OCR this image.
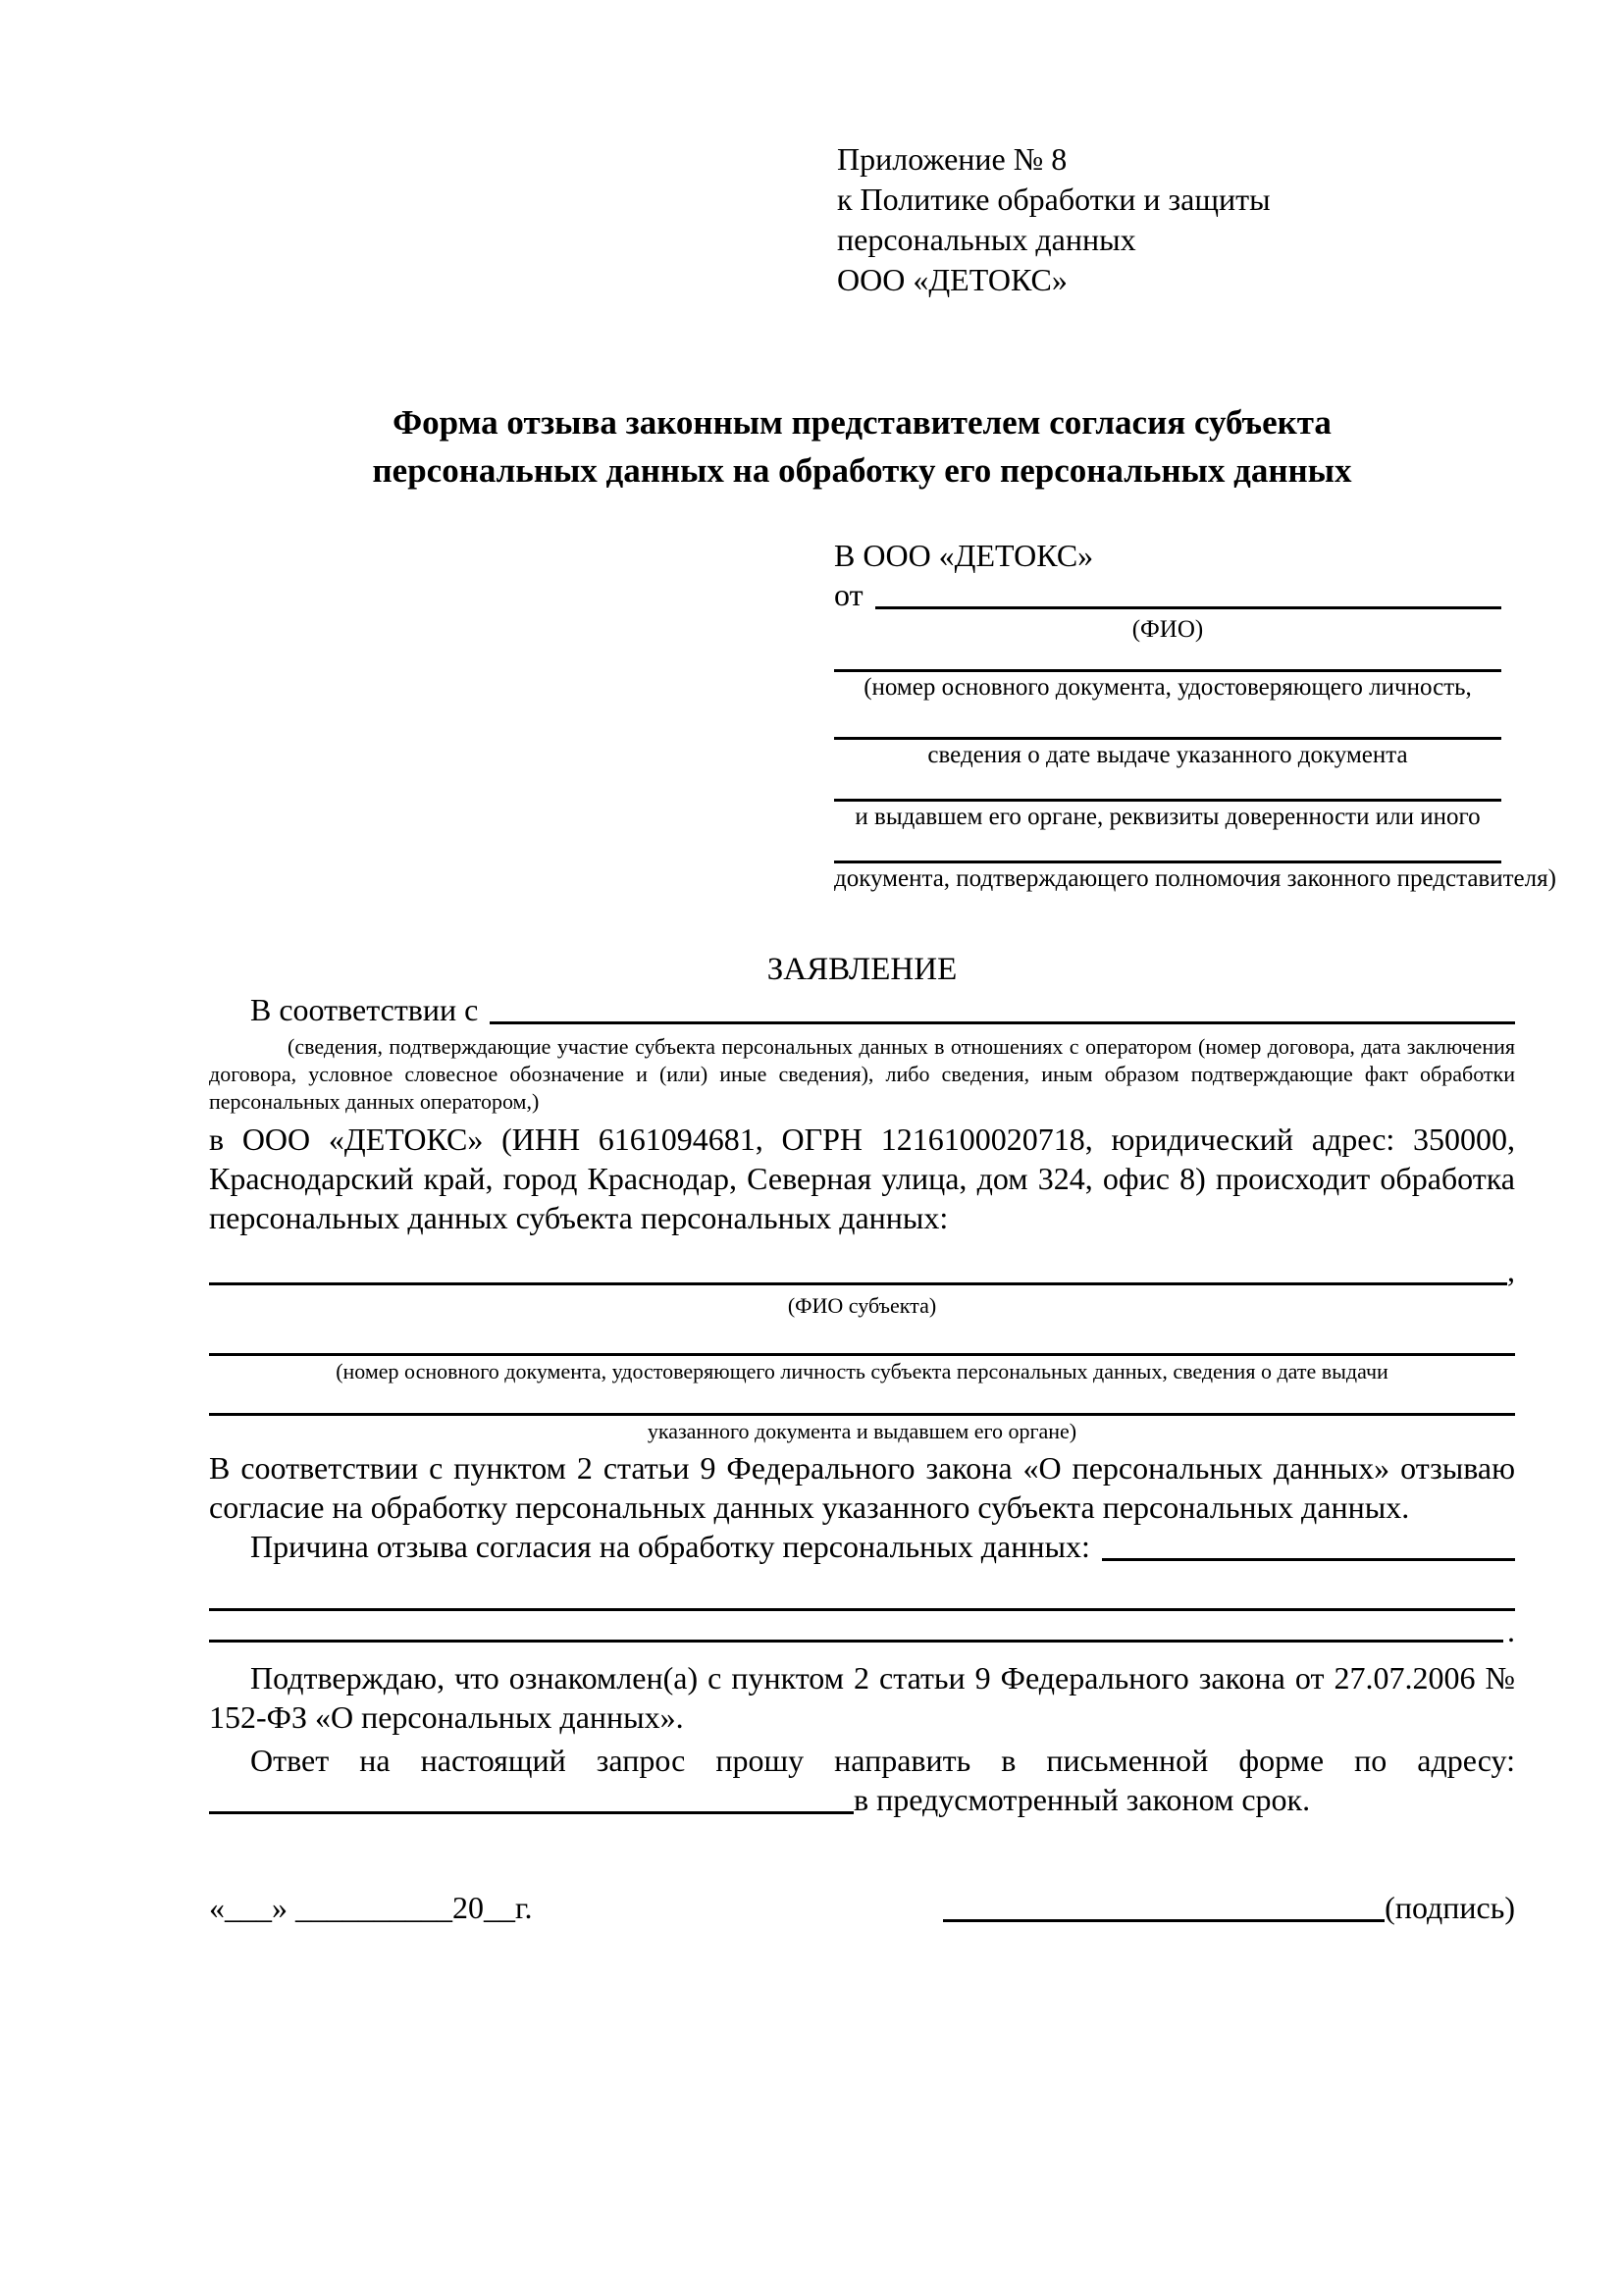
Приложение № 8
к Политике обработки и защиты
персональных данных
ООО «ДЕТОКС»
Форма отзыва законным представителем согласия субъекта
персональных данных на обработку его персональных данных
В ООО «ДЕТОКС»
от
(ФИО)
(номер основного документа, удостоверяющего личность,
сведения о дате выдаче указанного документа
и выдавшем его органе, реквизиты доверенности или иного
документа, подтверждающего полномочия законного представителя)
ЗАЯВЛЕНИЕ
В соответствии с
(сведения, подтверждающие участие субъекта персональных данных в отношениях с оператором (номер договора, дата заключения договора, условное словесное обозначение и (или) иные сведения), либо сведения, иным образом подтверждающие факт обработки персональных данных оператором,)
в ООО «ДЕТОКС» (ИНН 6161094681, ОГРН 1216100020718, юридический адрес: 350000, Краснодарский край, город Краснодар, Северная улица, дом 324, офис 8) происходит обработка персональных данных субъекта персональных данных:
,
(ФИО субъекта)
(номер основного документа, удостоверяющего личность субъекта персональных данных, сведения о дате выдачи
указанного документа и выдавшем его органе)
В соответствии с пунктом 2 статьи 9 Федерального закона «О персональных данных» отзываю согласие на обработку персональных данных указанного субъекта персональных данных.
Причина отзыва согласия на обработку персональных данных:
.
Подтверждаю, что ознакомлен(а) с пунктом 2 статьи 9 Федерального закона от 27.07.2006 № 152-ФЗ «О персональных данных».
Ответ на настоящий запрос прошу направить в письменной форме по адресу:
в предусмотренный законом срок.
«___» __________20__г.	(подпись)
